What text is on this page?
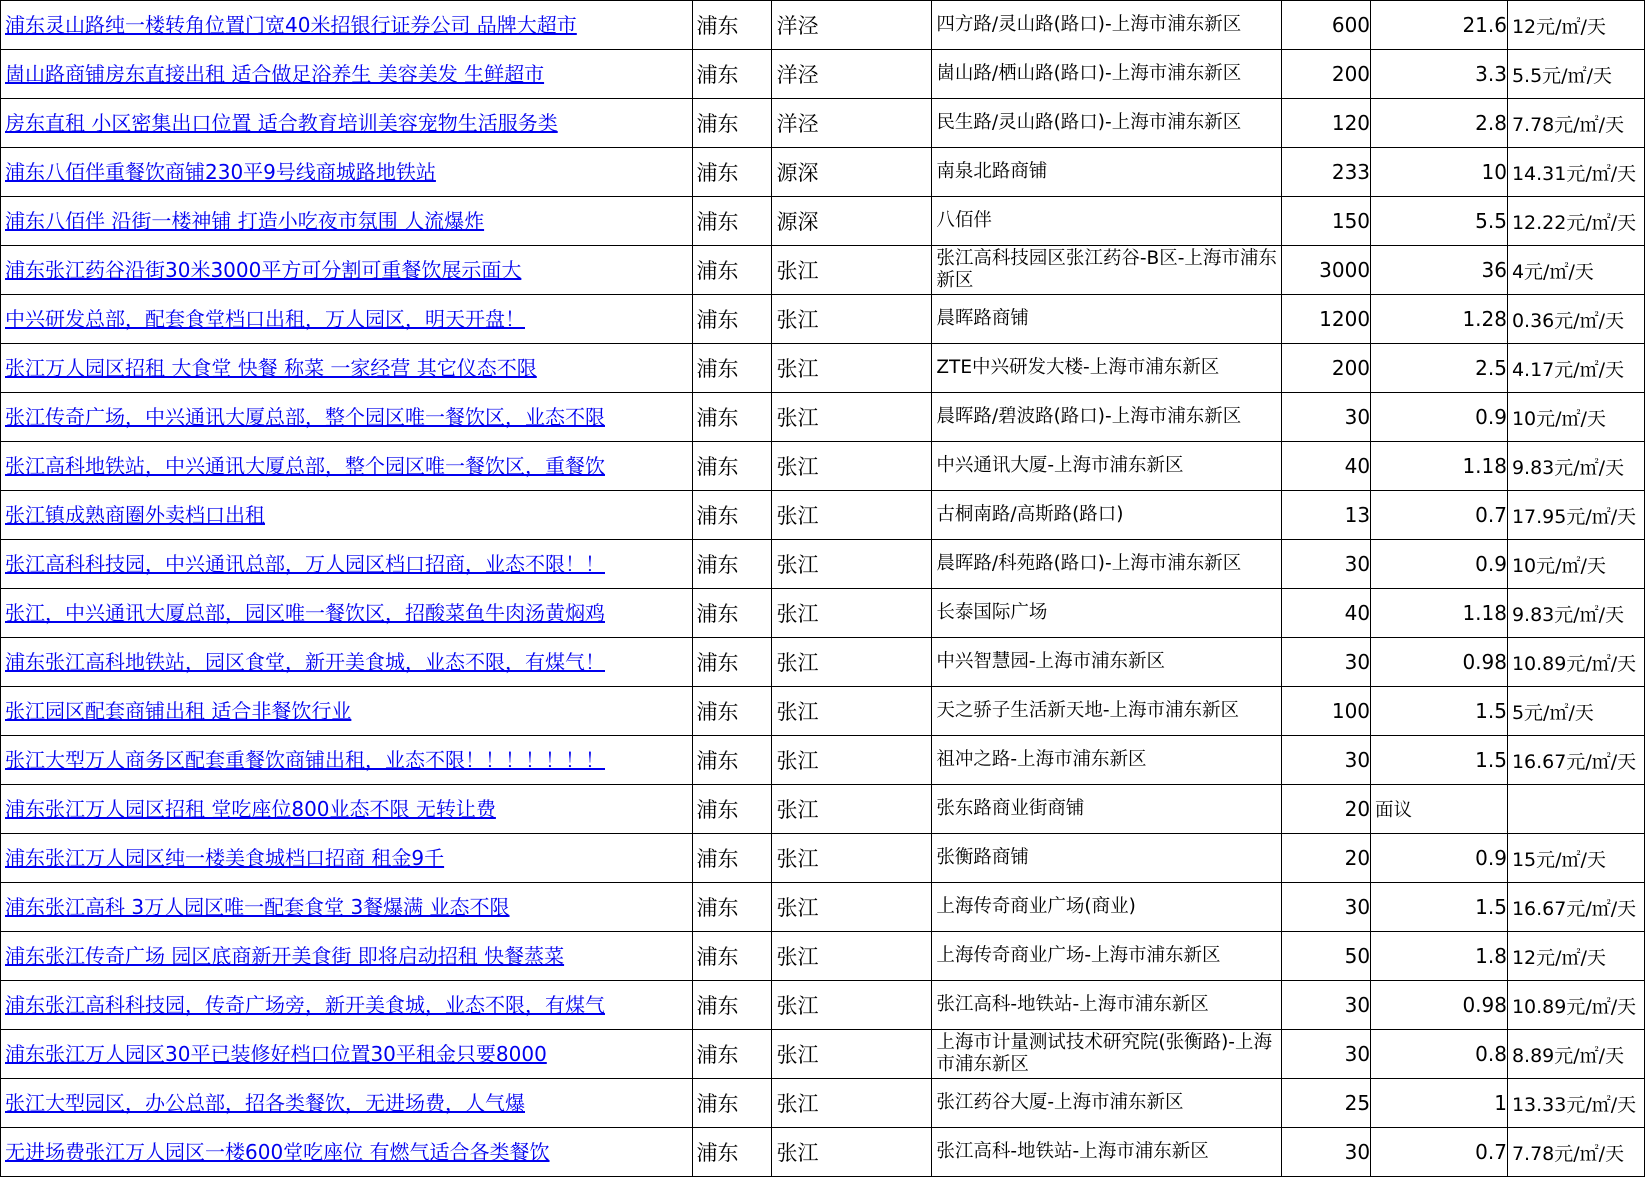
浦东灵山路纯一楼转角位置门宽40米招银行证券公司 品牌大超市	浦东	洋泾	四方路/灵山路(路口)-上海市浦东新区	600	21.6	12元/㎡/天
崮山路商铺房东直接出租 适合做足浴养生 美容美发 生鲜超市	浦东	洋泾	崮山路/栖山路(路口)-上海市浦东新区	200	3.3	5.5元/㎡/天
房东直租 小区密集出口位置 适合教育培训美容宠物生活服务类	浦东	洋泾	民生路/灵山路(路口)-上海市浦东新区	120	2.8	7.78元/㎡/天
浦东八佰伴重餐饮商铺230平9号线商城路地铁站	浦东	源深	南泉北路商铺	233	10	14.31元/㎡/天
浦东八佰伴 沿街一楼神铺 打造小吃夜市氛围 人流爆炸	浦东	源深	八佰伴	150	5.5	12.22元/㎡/天
浦东张江药谷沿街30米3000平方可分割可重餐饮展示面大	浦东	张江	张江高科技园区张江药谷-B区-上海市浦东新区	3000	36	4元/㎡/天
中兴研发总部，配套食堂档口出租，万人园区，明天开盘！	浦东	张江	晨晖路商铺	1200	1.28	0.36元/㎡/天
张江万人园区招租 大食堂 快餐 称菜 一家经营 其它仪态不限	浦东	张江	ZTE中兴研发大楼-上海市浦东新区	200	2.5	4.17元/㎡/天
张江传奇广场，中兴通讯大厦总部，整个园区唯一餐饮区，业态不限	浦东	张江	晨晖路/碧波路(路口)-上海市浦东新区	30	0.9	10元/㎡/天
张江高科地铁站，中兴通讯大厦总部，整个园区唯一餐饮区，重餐饮	浦东	张江	中兴通讯大厦-上海市浦东新区	40	1.18	9.83元/㎡/天
张江镇成熟商圈外卖档口出租	浦东	张江	古桐南路/高斯路(路口)	13	0.7	17.95元/㎡/天
张江高科科技园，中兴通讯总部，万人园区档口招商，业态不限！！	浦东	张江	晨晖路/科苑路(路口)-上海市浦东新区	30	0.9	10元/㎡/天
张江，中兴通讯大厦总部，园区唯一餐饮区，招酸菜鱼牛肉汤黄焖鸡	浦东	张江	长泰国际广场	40	1.18	9.83元/㎡/天
浦东张江高科地铁站，园区食堂，新开美食城，业态不限，有煤气！	浦东	张江	中兴智慧园-上海市浦东新区	30	0.98	10.89元/㎡/天
张江园区配套商铺出租 适合非餐饮行业	浦东	张江	天之骄子生活新天地-上海市浦东新区	100	1.5	5元/㎡/天
张江大型万人商务区配套重餐饮商铺出租，业态不限！！！！！！！	浦东	张江	祖冲之路-上海市浦东新区	30	1.5	16.67元/㎡/天
浦东张江万人园区招租 堂吃座位800业态不限 无转让费	浦东	张江	张东路商业街商铺	20	面议	
浦东张江万人园区纯一楼美食城档口招商 租金9千	浦东	张江	张衡路商铺	20	0.9	15元/㎡/天
浦东张江高科 3万人园区唯一配套食堂 3餐爆满 业态不限	浦东	张江	上海传奇商业广场(商业)	30	1.5	16.67元/㎡/天
浦东张江传奇广场 园区底商新开美食街 即将启动招租 快餐蒸菜	浦东	张江	上海传奇商业广场-上海市浦东新区	50	1.8	12元/㎡/天
浦东张江高科科技园，传奇广场旁，新开美食城，业态不限，有煤气	浦东	张江	张江高科-地铁站-上海市浦东新区	30	0.98	10.89元/㎡/天
浦东张江万人园区30平已装修好档口位置30平租金只要8000	浦东	张江	上海市计量测试技术研究院(张衡路)-上海市浦东新区	30	0.8	8.89元/㎡/天
张江大型园区，办公总部，招各类餐饮，无进场费，人气爆	浦东	张江	张江药谷大厦-上海市浦东新区	25	1	13.33元/㎡/天
无进场费张江万人园区一楼600堂吃座位 有燃气适合各类餐饮	浦东	张江	张江高科-地铁站-上海市浦东新区	30	0.7	7.78元/㎡/天
